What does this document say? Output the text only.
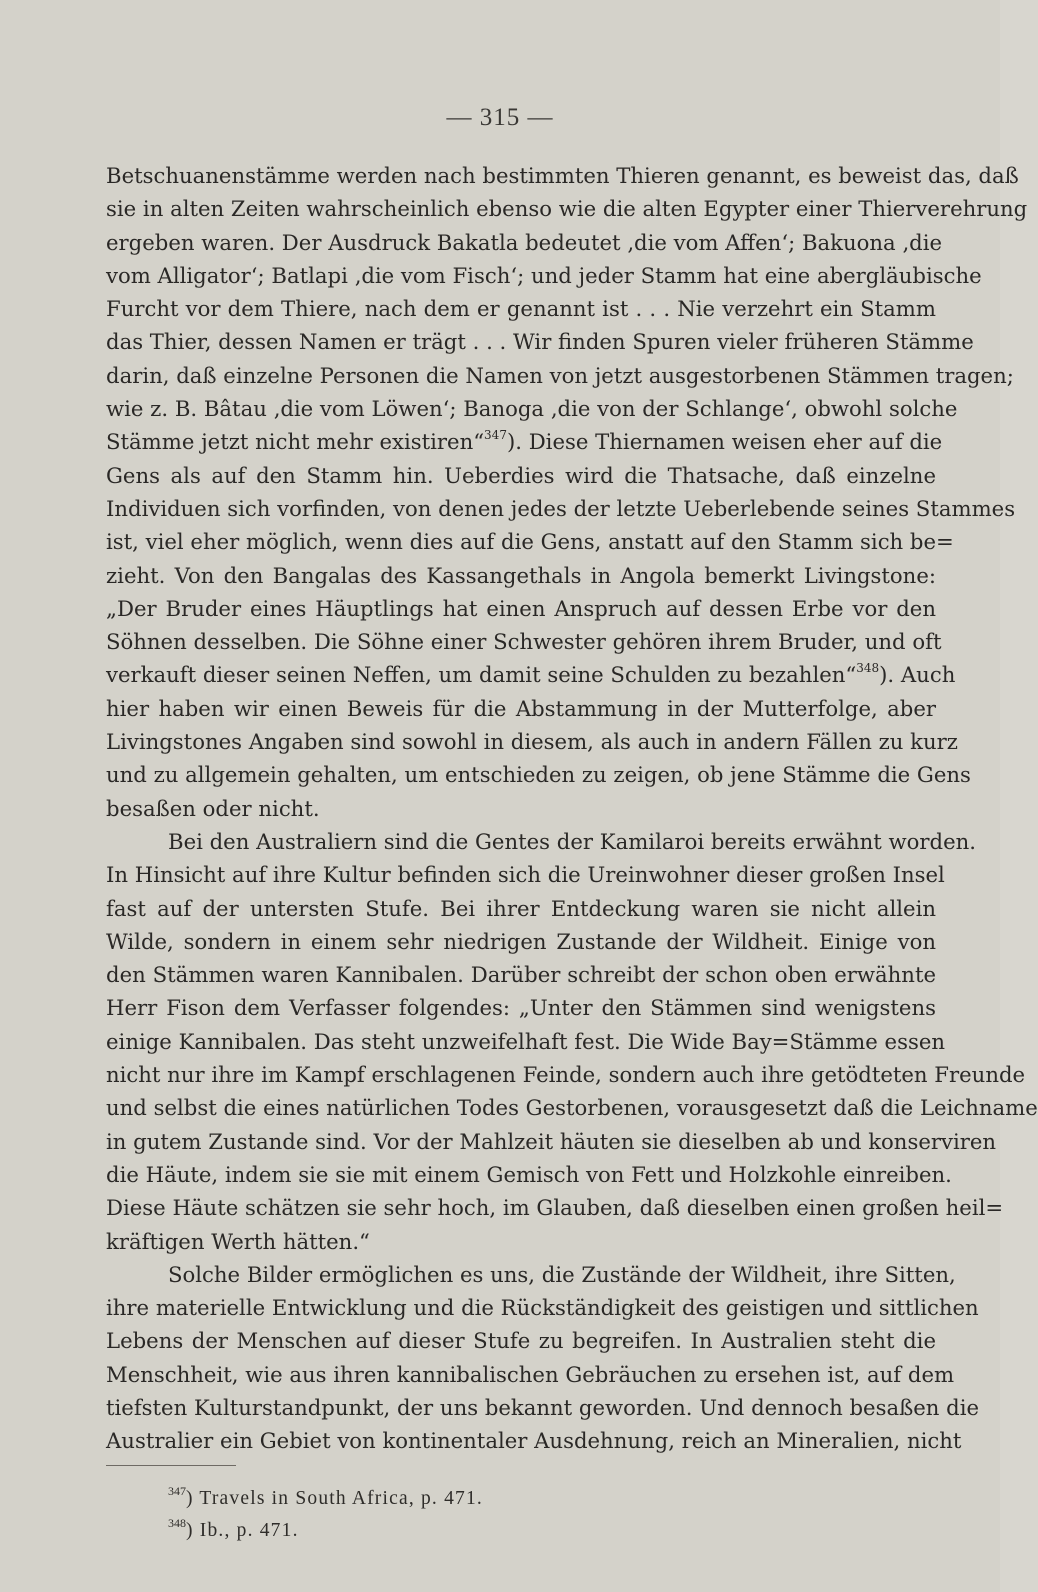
— 315 —
Betschuanenstämme werden nach bestimmten Thieren genannt, es beweist das, daß
sie in alten Zeiten wahrscheinlich ebenso wie die alten Egypter einer Thierverehrung
ergeben waren. Der Ausdruck Bakatla bedeutet ‚die vom Affen‘; Bakuona ‚die
vom Alligator‘; Batlapi ‚die vom Fisch‘; und jeder Stamm hat eine abergläubische
Furcht vor dem Thiere, nach dem er genannt ist . . . Nie verzehrt ein Stamm
das Thier, dessen Namen er trägt . . . Wir finden Spuren vieler früheren Stämme
darin, daß einzelne Personen die Namen von jetzt ausgestorbenen Stämmen tragen;
wie z. B. Bâtau ‚die vom Löwen‘; Banoga ‚die von der Schlange‘, obwohl solche
Stämme jetzt nicht mehr existiren“$^{347}$). Diese Thiernamen weisen eher auf die
Gens als auf den Stamm hin. Ueberdies wird die Thatsache, daß einzelne
Individuen sich vorfinden, von denen jedes der letzte Ueberlebende seines Stammes
ist, viel eher möglich, wenn dies auf die Gens, anstatt auf den Stamm sich be=
zieht. Von den Bangalas des Kassangethals in Angola bemerkt Livingstone:
„Der Bruder eines Häuptlings hat einen Anspruch auf dessen Erbe vor den
Söhnen desselben. Die Söhne einer Schwester gehören ihrem Bruder, und oft
verkauft dieser seinen Neffen, um damit seine Schulden zu bezahlen“$^{348}$). Auch
hier haben wir einen Beweis für die Abstammung in der Mutterfolge, aber
Livingstones Angaben sind sowohl in diesem, als auch in andern Fällen zu kurz
und zu allgemein gehalten, um entschieden zu zeigen, ob jene Stämme die Gens
besaßen oder nicht.
Bei den Australiern sind die Gentes der Kamilaroi bereits erwähnt worden.
In Hinsicht auf ihre Kultur befinden sich die Ureinwohner dieser großen Insel
fast auf der untersten Stufe. Bei ihrer Entdeckung waren sie nicht allein
Wilde, sondern in einem sehr niedrigen Zustande der Wildheit. Einige von
den Stämmen waren Kannibalen. Darüber schreibt der schon oben erwähnte
Herr Fison dem Verfasser folgendes: „Unter den Stämmen sind wenigstens
einige Kannibalen. Das steht unzweifelhaft fest. Die Wide Bay=Stämme essen
nicht nur ihre im Kampf erschlagenen Feinde, sondern auch ihre getödteten Freunde
und selbst die eines natürlichen Todes Gestorbenen, vorausgesetzt daß die Leichname
in gutem Zustande sind. Vor der Mahlzeit häuten sie dieselben ab und konserviren
die Häute, indem sie sie mit einem Gemisch von Fett und Holzkohle einreiben.
Diese Häute schätzen sie sehr hoch, im Glauben, daß dieselben einen großen heil=
kräftigen Werth hätten.“
Solche Bilder ermöglichen es uns, die Zustände der Wildheit, ihre Sitten,
ihre materielle Entwicklung und die Rückständigkeit des geistigen und sittlichen
Lebens der Menschen auf dieser Stufe zu begreifen. In Australien steht die
Menschheit, wie aus ihren kannibalischen Gebräuchen zu ersehen ist, auf dem
tiefsten Kulturstandpunkt, der uns bekannt geworden. Und dennoch besaßen die
Australier ein Gebiet von kontinentaler Ausdehnung, reich an Mineralien, nicht
$^{347}$) Travels in South Africa, p. 471.
$^{348}$) Ib., p. 471.
